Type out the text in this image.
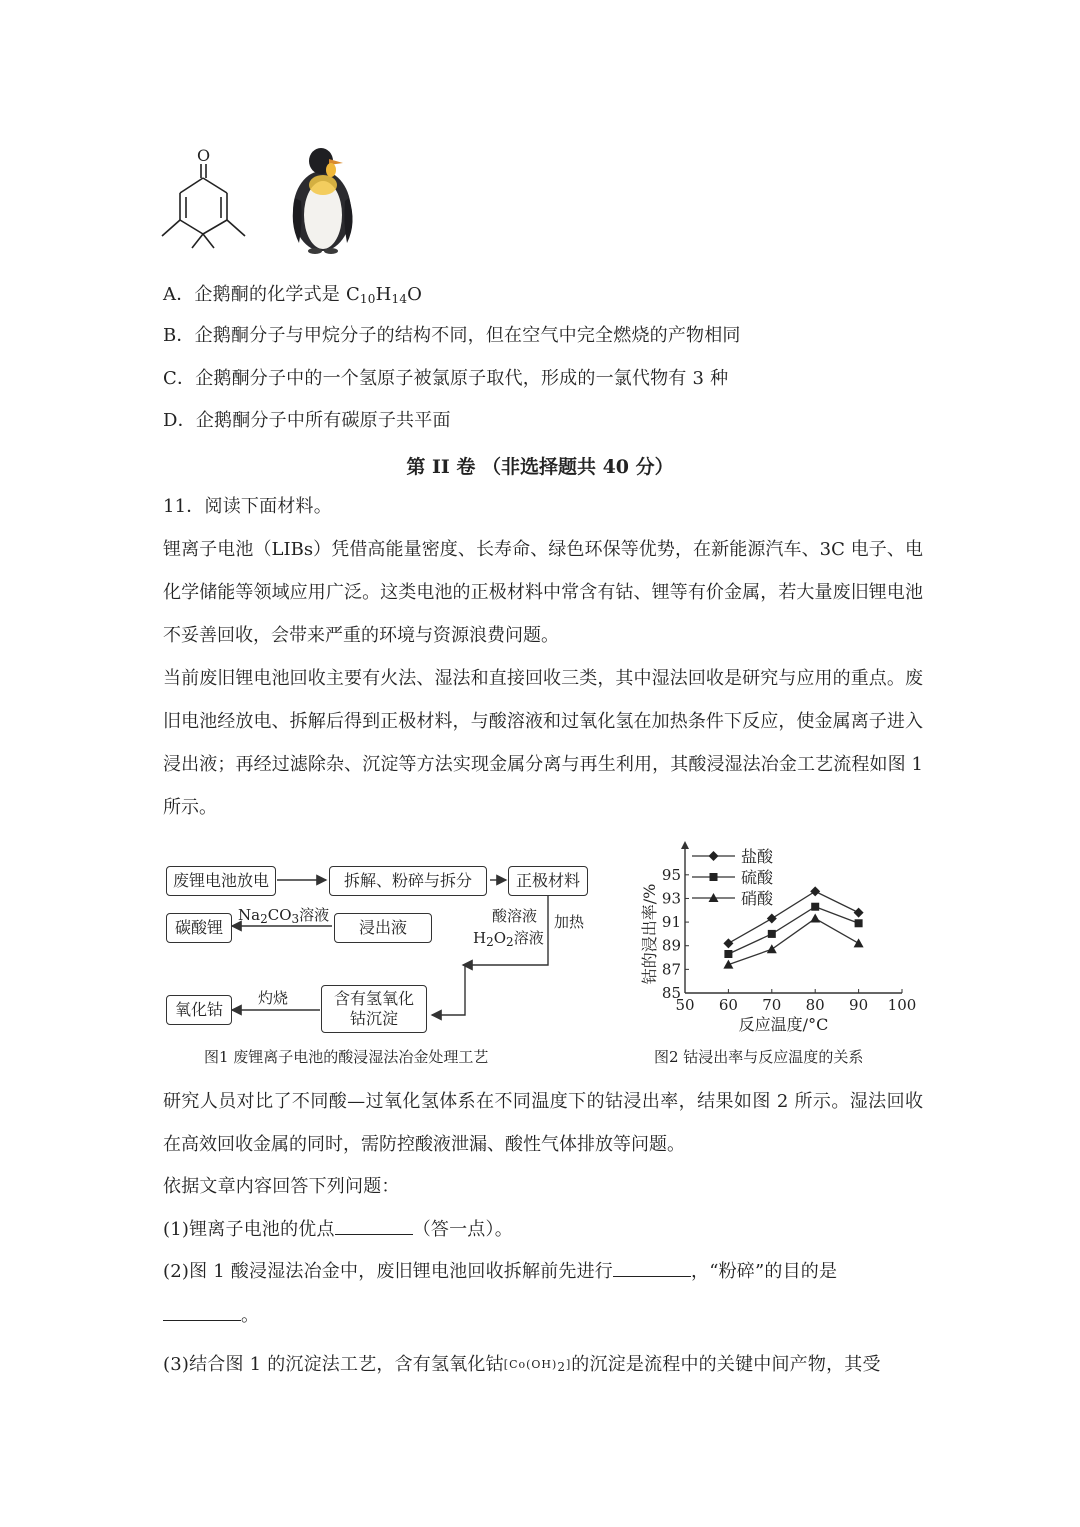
O
A．企鹅酮的化学式是 $C_{10}H_{14}O$
B．企鹅酮分子与甲烷分子的结构不同，但在空气中完全燃烧的产物相同
C．企鹅酮分子中的一个氢原子被氯原子取代，形成的一氯代物有 3 种
D．企鹅酮分子中所有碳原子共平面
第 II 卷 （非选择题共 40 分）
11．阅读下面材料。
锂离子电池（LIBs）凭借高能量密度、长寿命、绿色环保等优势，在新能源汽车、3C 电子、电化学储能等领域应用广泛。这类电池的正极材料中常含有钴、锂等有价金属，若大量废旧锂电池不妥善回收，会带来严重的环境与资源浪费问题。
当前废旧锂电池回收主要有火法、湿法和直接回收三类，其中湿法回收是研究与应用的重点。废旧电池经放电、拆解后得到正极材料，与酸溶液和过氧化氢在加热条件下反应，使金属离子进入浸出液；再经过滤除杂、沉淀等方法实现金属分离与再生利用，其酸浸湿法冶金工艺流程如图 1 所示。
废锂电池放电	拆解、粉碎与拆分	正极材料
浸出液
碳酸锂
含有氢氧化钴沉淀
氧化钴
$Na_2CO_3$溶液	酸溶液
$H_2O_2$溶液
加热
灼烧
图1 废锂离子电池的酸浸湿法冶金处理工艺
50 60 70 80 90 100
85
87
89
91
93
95
反应温度/°C
钴的浸出率/%
盐酸
硫酸
硝酸
图2 钴浸出率与反应温度的关系
研究人员对比了不同酸—过氧化氢体系在不同温度下的钴浸出率，结果如图 2 所示。湿法回收在高效回收金属的同时，需防控酸液泄漏、酸性气体排放等问题。
依据文章内容回答下列问题：
(1)锂离子电池的优点	（答一点）。
(2)图 1 酸浸湿法冶金中，废旧锂电池回收拆解前先进行	，“粉碎”的目的是
。
(3)结合图 1 的沉淀法工艺，含有氢氧化钴[Co(OH)2]的沉淀是流程中的关键中间产物，其受
